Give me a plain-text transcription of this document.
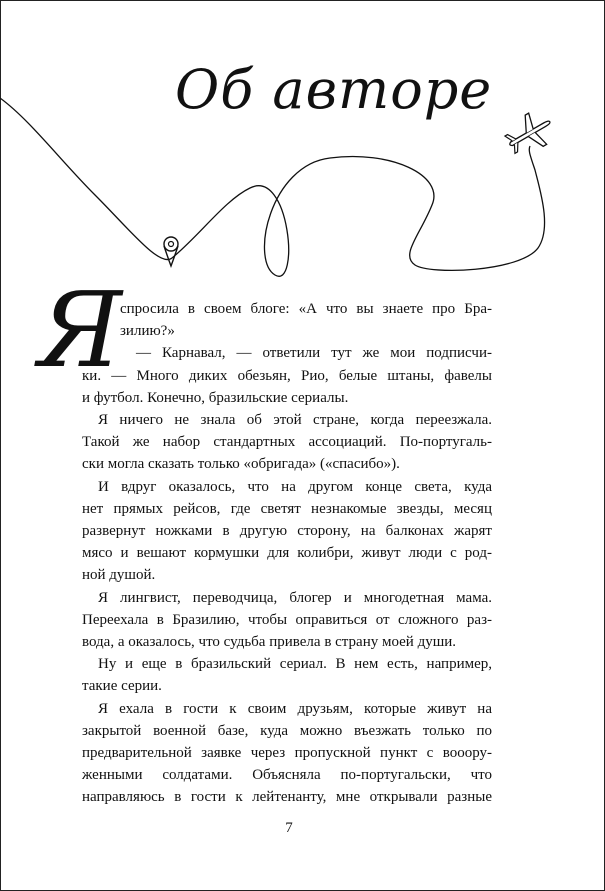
Об авторе
Я
спросила в своем блоге: «А что вы знаете про Бра-
зилию?»
— Карнавал, — ответили тут же мои подписчи-
ки. — Много диких обезьян, Рио, белые штаны, фавелы
и футбол. Конечно, бразильские сериалы.
Я ничего не знала об этой стране, когда переезжала.
Такой же набор стандартных ассоциаций. По-португаль-
ски могла сказать только «обригада» («спасибо»).
И вдруг оказалось, что на другом конце света, куда
нет прямых рейсов, где светят незнакомые звезды, месяц
развернут ножками в другую сторону, на балконах жарят
мясо и вешают кормушки для колибри, живут люди с род-
ной душой.
Я лингвист, переводчица, блогер и многодетная мама.
Переехала в Бразилию, чтобы оправиться от сложного раз-
вода, а оказалось, что судьба привела в страну моей души.
Ну и еще в бразильский сериал. В нем есть, например,
такие серии.
Я ехала в гости к своим друзьям, которые живут на
закрытой военной базе, куда можно въезжать только по
7
предварительной заявке через пропускной пункт с вооору-
женными солдатами. Объясняла по-португальски, что
направляюсь в гости к лейтенанту, мне открывали разные
